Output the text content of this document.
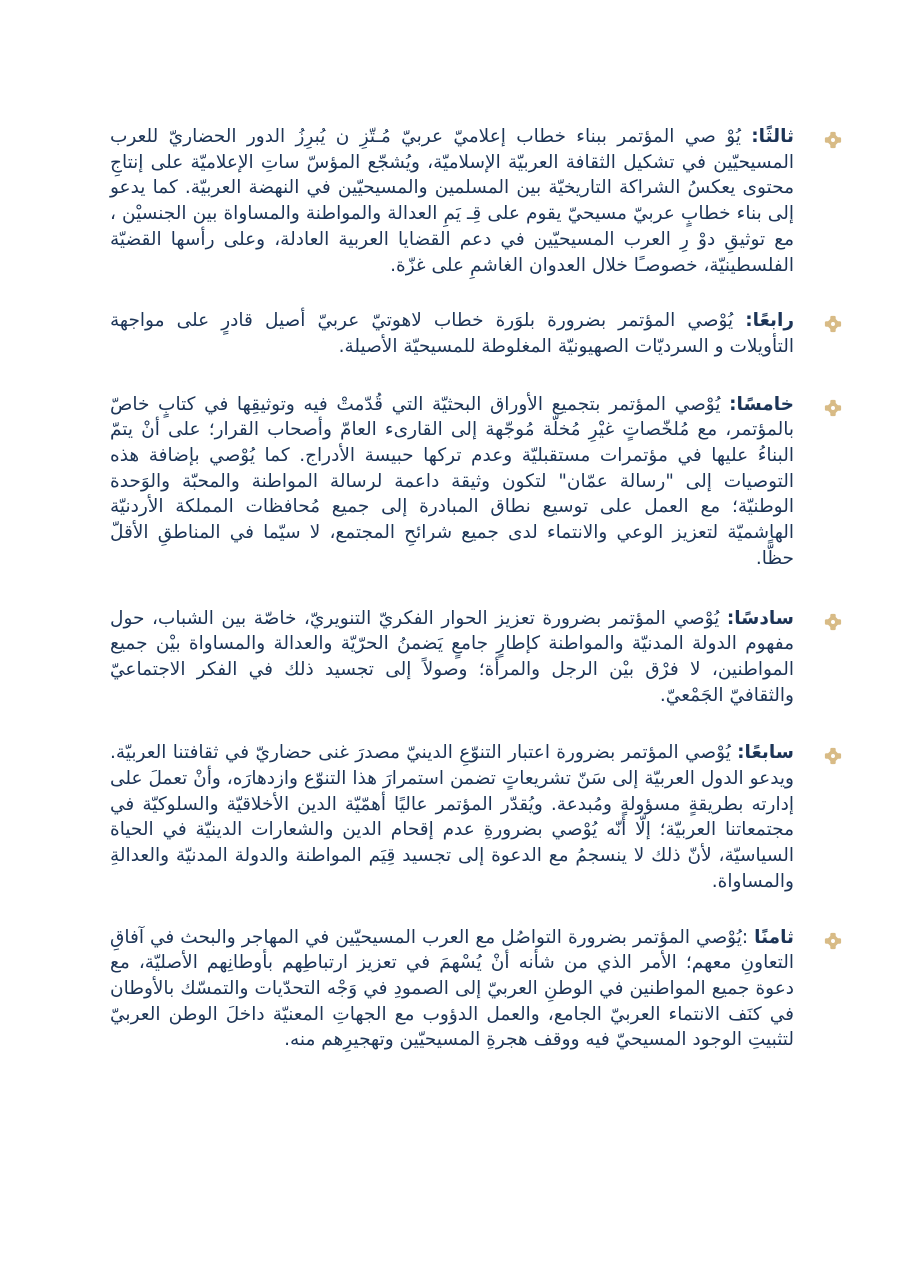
ثالثًا: يُوْ صي المؤتمر ببناء خطاب إعلاميّ عربيّ مُـتّزِ ن يُبرِزُ الدور الحضاريّ للعرب المسيحيّين في تشكيل الثقافة العربيّة الإسلاميّة، ويُشجّع المؤسّ ساتِ الإعلاميّة على إنتاجِ محتوى يعكسُ الشراكة التاريخيّة بين المسلمين والمسيحيّين في النهضة العربيّة. كما يدعو إلى بناء خطابٍ عربيّ مسيحيّ يقوم على قِـ يَمِ العدالة والمواطنة والمساواة بين الجنسيْن ، مع توثيقِ دوْ رِ العرب المسيحيّين في دعم القضايا العربية العادلة، وعلى رأسها القضيّة الفلسطينيّة، خصوصـًا خلال العدوان الغاشمِ على غزّة.

رابعًا: يُوْصي المؤتمر بضرورة بلوَرة خطاب لاهوتيّ عربيّ أصيل قادرٍ على مواجهة التأويلات و السرديّات الصهيونيّة المغلوطة للمسيحيّة الأصيلة.

خامسًا: يُوْصي المؤتمر بتجميع الأوراق البحثيّة التي قُدّمتْ فيه وتوثيقِها في كتابٍ خاصّ بالمؤتمر، مع مُلخّصاتٍ غيْرِ مُخلّة مُوجّهة إلى القارىء العامّ وأصحاب القرار؛ على أنْ يتمّ البناءُ عليها في مؤتمرات مستقبليّة وعدم تركها حبيسة الأدراج. كما يُوْصي بإضافة هذه التوصيات إلى "رسالة عمّان" لتكون وثيقة داعمة لرسالة المواطنة والمحبّة والوَحدة الوطنيّة؛ مع العمل على توسيع نطاق المبادرة إلى جميع مُحافظات المملكة الأردنيّة الهاشميّة لتعزيز الوعي والانتماء لدى جميع شرائحِ المجتمع، لا سيّما في المناطقِ الأقلّ حظًّا.

سادسًا: يُوْصي المؤتمر بضرورة تعزيز الحوار الفكريّ التنويريّ، خاصّة بين الشباب، حول مفهوم الدولة المدنيّة والمواطنة كإطارٍ جامعٍ يَضمنُ الحرّيّة والعدالة والمساواة بيْن جميع المواطنين، لا فرْق بيْن الرجل والمرأة؛ وصولاً إلى تجسيد ذلك في الفكر الاجتماعيّ والثقافيّ الجَمْعيّ.

سابعًا: يُوْصي المؤتمر بضرورة اعتبار التنوّعِ الدينيّ مصدرَ غنى حضاريّ في ثقافتنا العربيّة. ويدعو الدول العربيّة إلى سَنّ تشريعاتٍ تضمن استمرارَ هذا التنوّع وازدهارَه، وأنْ تعملَ على إدارته بطريقةٍ مسؤولةٍ ومُبدعة. ويُقدّر المؤتمر عاليًا أهمّيّة الدين الأخلاقيّة والسلوكيّة في مجتمعاتنا العربيّة؛ إلّا أنّه يُوْصي بضرورةِ عدم إقحام الدين والشعارات الدينيّة في الحياة السياسيّة، لأنّ ذلك لا ينسجمُ مع الدعوة إلى تجسيد قِيَم المواطنة والدولة المدنيّة والعدالةِ والمساواة.

ثامنًا :يُوْصي المؤتمر بضرورة التواصُل مع العرب المسيحيّين في المهاجر والبحث في آفاقِ التعاونِ معهم؛ الأمر الذي من شأنه أنْ يُسْهمَ في تعزيز ارتباطِهم بأوطانِهم الأصليّة، مع دعوة جميع المواطنين في الوطنِ العربيّ إلى الصمودِ في وَجْه التحدّيات والتمسّك بالأوطان في كنَف الانتماء العربيّ الجامع، والعمل الدؤوب مع الجهاتِ المعنيّة داخلَ الوطن العربيّ لتثبيتِ الوجود المسيحيّ فيه ووقف هجرةِ المسيحيّين وتهجيرِهم منه.
